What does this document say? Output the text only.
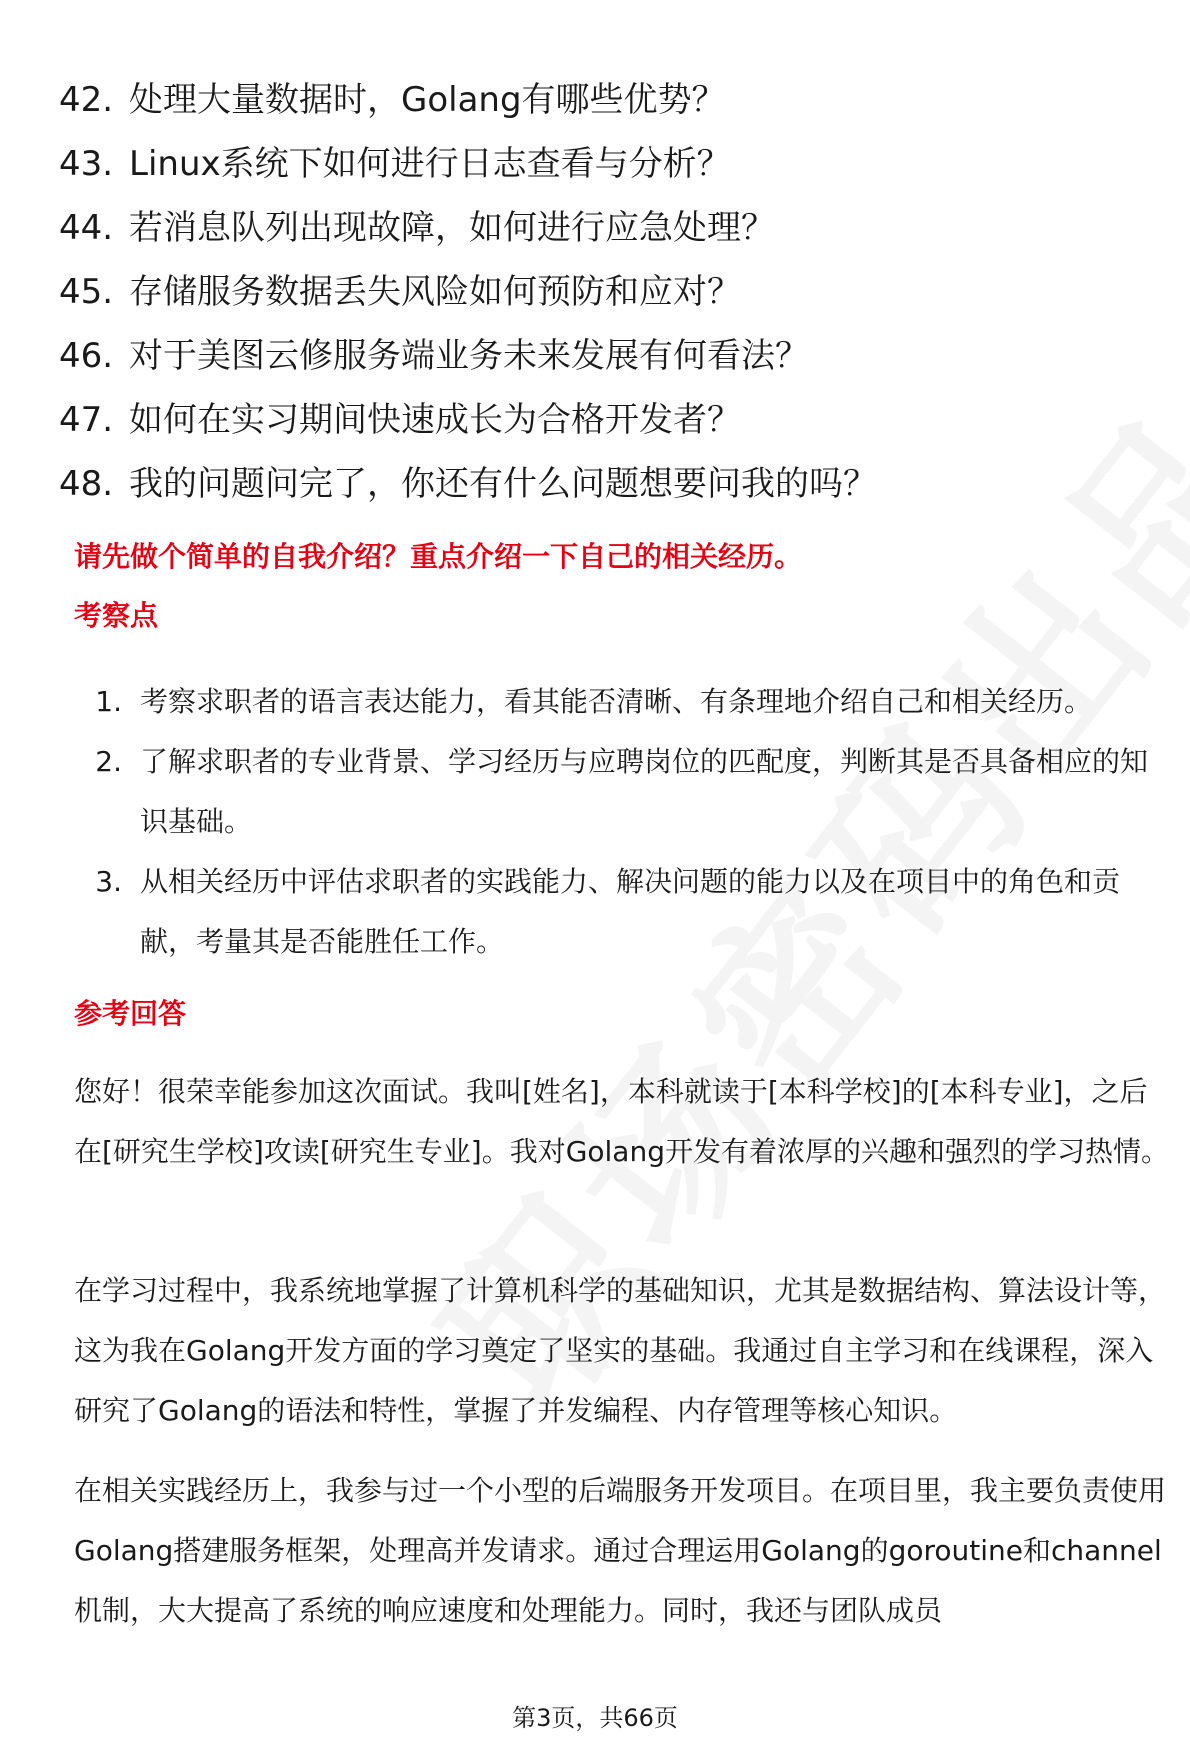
42. 处理大量数据时，Golang有哪些优势？
43. Linux系统下如何进行日志查看与分析？
44. 若消息队列出现故障，如何进行应急处理？
45. 存储服务数据丢失风险如何预防和应对？
46. 对于美图云修服务端业务未来发展有何看法？
47. 如何在实习期间快速成长为合格开发者？
48. 我的问题问完了，你还有什么问题想要问我的吗？
请先做个简单的自我介绍？重点介绍一下自己的相关经历。
考察点
1. 考察求职者的语言表达能力，看其能否清晰、有条理地介绍自己和相关经历。
2. 了解求职者的专业背景、学习经历与应聘岗位的匹配度，判断其是否具备相应的知识基础。
3. 从相关经历中评估求职者的实践能力、解决问题的能力以及在项目中的角色和贡献，考量其是否能胜任工作。
参考回答

您好！很荣幸能参加这次面试。我叫[姓名]，本科就读于[本科学校]的[本科专业]，之后在[研究生学校]攻读[研究生专业]。我对Golang开发有着浓厚的兴趣和强烈的学习热情。

在学习过程中，我系统地掌握了计算机科学的基础知识，尤其是数据结构、算法设计等，这为我在Golang开发方面的学习奠定了坚实的基础。我通过自主学习和在线课程，深入研究了Golang的语法和特性，掌握了并发编程、内存管理等核心知识。

在相关实践经历上，我参与过一个小型的后端服务开发项目。在项目里，我主要负责使用Golang搭建服务框架，处理高并发请求。通过合理运用Golang的goroutine和channel机制，大大提高了系统的响应速度和处理能力。同时，我还与团队成员

第3页，共66页
